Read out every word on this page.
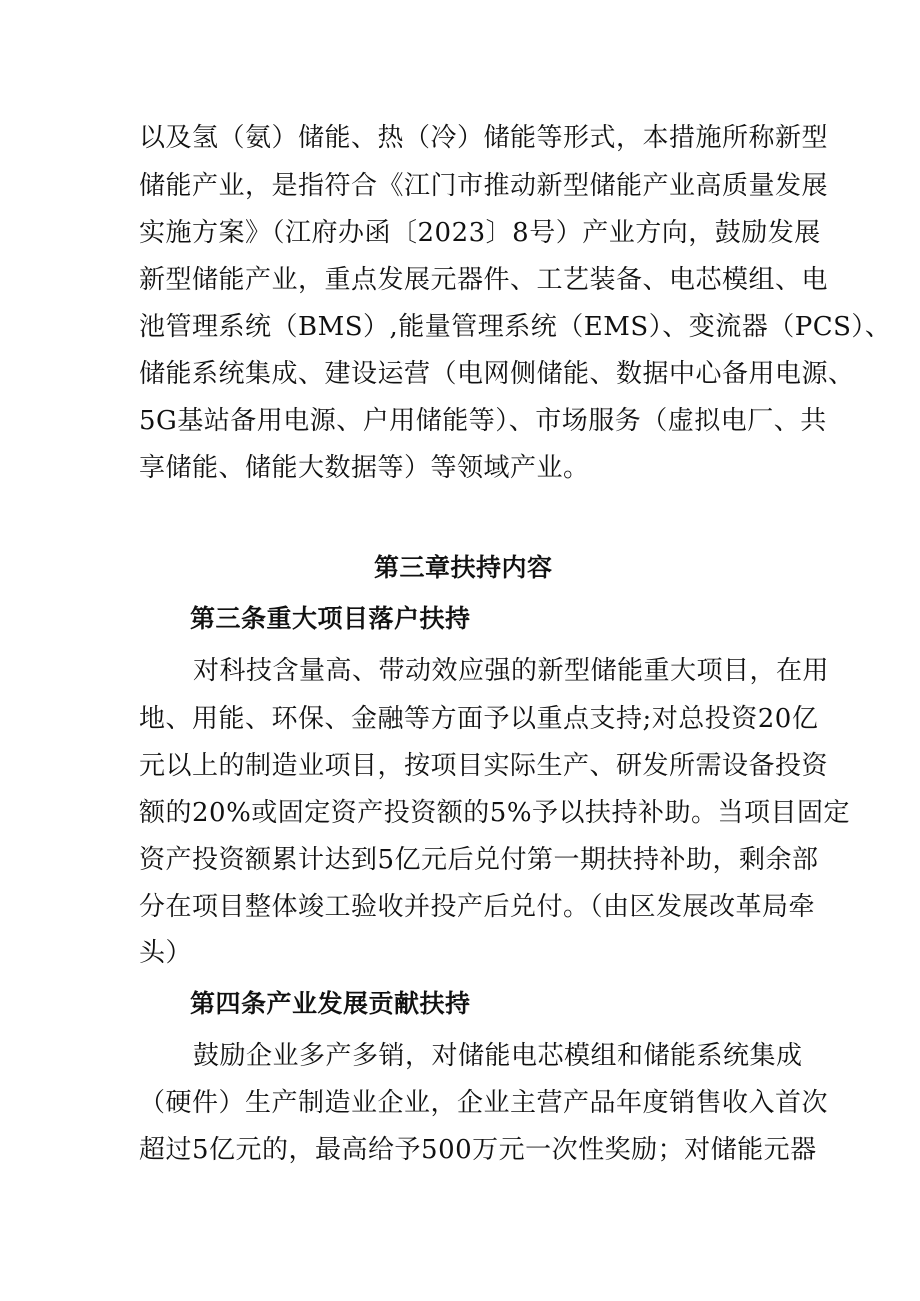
以及氢（氨）储能、热（冷）储能等形式，本措施所称新型
储能产业，是指符合《江门市推动新型储能产业高质量发展
实施方案》（江府办函〔2023〕8号）产业方向，鼓励发展
新型储能产业，重点发展元器件、工艺装备、电芯模组、电
池管理系统（BMS）,能量管理系统（EMS）、变流器（PCS）、
储能系统集成、建设运营（电网侧储能、数据中心备用电源、
5G基站备用电源、户用储能等）、市场服务（虚拟电厂、共
享储能、储能大数据等）等领域产业。
第三章扶持内容
第三条重大项目落户扶持
对科技含量高、带动效应强的新型储能重大项目，在用
地、用能、环保、金融等方面予以重点支持;对总投资20亿
元以上的制造业项目，按项目实际生产、研发所需设备投资
额的20%或固定资产投资额的5%予以扶持补助。当项目固定
资产投资额累计达到5亿元后兑付第一期扶持补助，剩余部
分在项目整体竣工验收并投产后兑付。（由区发展改革局牵
头）
第四条产业发展贡献扶持
鼓励企业多产多销，对储能电芯模组和储能系统集成
（硬件）生产制造业企业，企业主营产品年度销售收入首次
超过5亿元的，最高给予500万元一次性奖励；对储能元器
